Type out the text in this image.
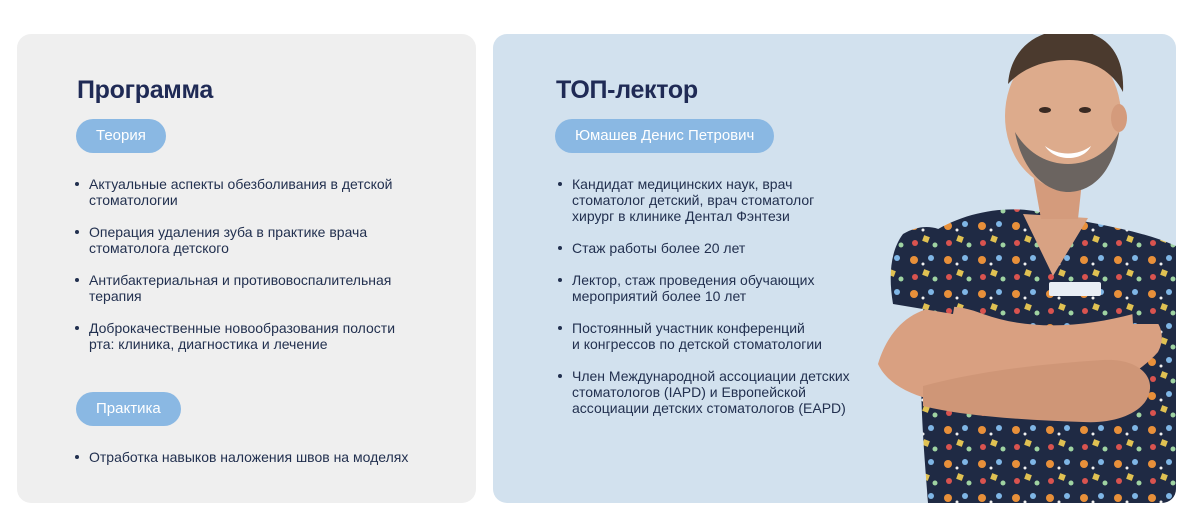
Программа
Теория
Актуальные аспекты обезболивания в детской
стоматологии
Операция удаления зуба в практике врача
стоматолога детского
Антибактериальная и противовоспалительная
терапия
Доброкачественные новообразования полости
рта: клиника, диагностика и лечение
Практика
Отработка навыков наложения швов на моделях
ТОП-лектор
Юмашев Денис Петрович
Кандидат медицинских наук, врач
стоматолог детский, врач стоматолог
хирург в клинике Дентал Фэнтези
Стаж работы более 20 лет
Лектор, стаж проведения обучающих
мероприятий более 10 лет
Постоянный участник конференций
и конгрессов по детской стоматологии
Член Международной ассоциации детских
стоматологов (IAPD) и Европейской
ассоциации детских стоматологов (EAPD)
